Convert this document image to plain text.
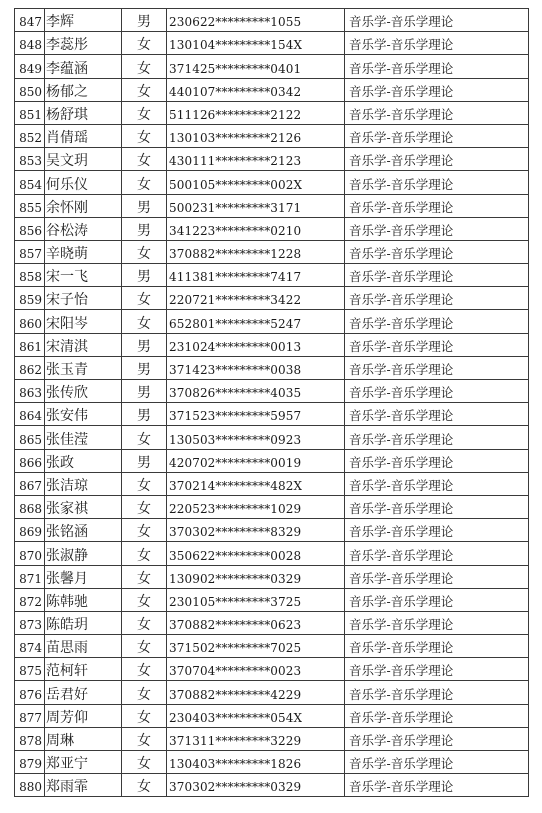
847	李辉	男	230622*********1055	音乐学-音乐学理论
848	李蕊彤	女	130104*********154X	音乐学-音乐学理论
849	李蕴涵	女	371425*********0401	音乐学-音乐学理论
850	杨郁之	女	440107*********0342	音乐学-音乐学理论
851	杨舒琪	女	511126*********2122	音乐学-音乐学理论
852	肖倩瑶	女	130103*********2126	音乐学-音乐学理论
853	吴文玥	女	430111*********2123	音乐学-音乐学理论
854	何乐仪	女	500105*********002X	音乐学-音乐学理论
855	余怀刚	男	500231*********3171	音乐学-音乐学理论
856	谷松涛	男	341223*********0210	音乐学-音乐学理论
857	辛晓萌	女	370882*********1228	音乐学-音乐学理论
858	宋一飞	男	411381*********7417	音乐学-音乐学理论
859	宋子怡	女	220721*********3422	音乐学-音乐学理论
860	宋阳岑	女	652801*********5247	音乐学-音乐学理论
861	宋清淇	男	231024*********0013	音乐学-音乐学理论
862	张玉青	男	371423*********0038	音乐学-音乐学理论
863	张传欣	男	370826*********4035	音乐学-音乐学理论
864	张安伟	男	371523*********5957	音乐学-音乐学理论
865	张佳滢	女	130503*********0923	音乐学-音乐学理论
866	张政	男	420702*********0019	音乐学-音乐学理论
867	张洁琼	女	370214*********482X	音乐学-音乐学理论
868	张家祺	女	220523*********1029	音乐学-音乐学理论
869	张铭涵	女	370302*********8329	音乐学-音乐学理论
870	张淑静	女	350622*********0028	音乐学-音乐学理论
871	张馨月	女	130902*********0329	音乐学-音乐学理论
872	陈韩驰	女	230105*********3725	音乐学-音乐学理论
873	陈皓玥	女	370882*********0623	音乐学-音乐学理论
874	苗思雨	女	371502*********7025	音乐学-音乐学理论
875	范柯轩	女	370704*********0023	音乐学-音乐学理论
876	岳君好	女	370882*********4229	音乐学-音乐学理论
877	周芳仰	女	230403*********054X	音乐学-音乐学理论
878	周琳	女	371311*********3229	音乐学-音乐学理论
879	郑亚宁	女	130403*********1826	音乐学-音乐学理论
880	郑雨霏	女	370302*********0329	音乐学-音乐学理论
